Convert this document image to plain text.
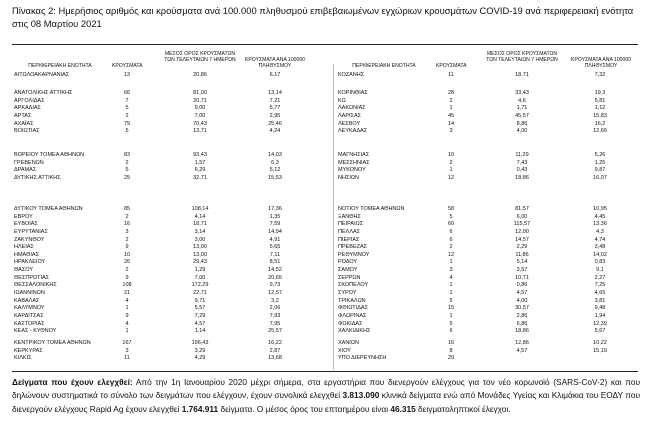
Πίνακας 2: Ημερήσιος αριθμός και κρούσματα ανά 100.000 πληθυσμού επιβεβαιωμένων εγχώριων κρουσμάτων COVID-19 ανά περιφερειακή ενότητα στις 08 Μαρτίου 2021
ΠΕΡΙΦΕΡΕΙΑΚΗ ΕΝΟΤΗΤΑ	ΚΡΟΥΣΜΑΤΑ
ΜΕΣΟΣ ΟΡΟΣ ΚΡΟΥΣΜΑΤΩΝ ΤΩΝ ΤΕΛΕΥΤΑΙΩΝ 7 ΗΜΕΡΩΝ	ΚΡΟΥΣΜΑΤΑ ΑΝΑ 100000 ΠΛΗΘΥΣΜΟΥ
ΑΙΤΩΛΟΑΚΑΡΝΑΝΙΑΣ	13	20,86	6,17
ΑΝΑΤΟΛΙΚΗΣ ΑΤΤΙΚΗΣ	66	81,00	13,14
ΑΡΓΟΛΙΔΑΣ	7	20,71	7,21
ΑΡΚΑΔΙΑΣ	5	9,00	5,77
ΑΡΤΑΣ	2	7,00	2,95
ΑΧΑΪΑΣ	79	70,43	25,46
ΒΟΙΩΤΙΑΣ	5	13,71	4,24
ΒΟΡΕΙΟΥ ΤΟΜΕΑ ΑΘΗΝΩΝ	83	93,43	14,03
ΓΡΕΒΕΝΩΝ	2	1,57	6,3
ΔΡΑΜΑΣ	5	6,29	5,12
ΔΥΤΙΚΗΣ ΑΤΤΙΚΗΣ	25	32,71	15,53
ΔΥΤΙΚΟΥ ΤΟΜΕΑ ΑΘΗΝΩΝ	85	108,14	17,36
ΕΒΡΟΥ	2	4,14	1,35
ΕΥΒΟΙΑΣ	16	18,71	7,59
ΕΥΡΥΤΑΝΙΑΣ	3	3,14	14,94
ΖΑΚΥΝΘΟΥ	2	3,00	4,91
ΗΛΕΙΑΣ	9	13,00	5,65
ΗΜΑΘΙΑΣ	10	13,00	7,11
ΗΡΑΚΛΕΙΟΥ	26	29,43	8,51
ΘΑΣΟΥ	2	1,29	14,52
ΘΕΣΠΡΩΤΙΑΣ	9	7,00	20,65
ΘΕΣΣΑΛΟΝΙΚΗΣ	108	172,29	9,73
ΙΩΑΝΝΙΝΩΝ	21	22,71	12,57
ΚΑΒΑΛΑΣ	4	9,71	3,2
ΚΑΛΥΜΝΟΥ	1	5,57	2,06
ΚΑΡΔΙΤΣΑΣ	9	7,29	7,93
ΚΑΣΤΟΡΙΑΣ	4	4,57	7,95
ΚΕΑΣ - ΚΥΘΝΟΥ	1	1,14	25,57
ΚΕΝΤΡΙΚΟΥ ΤΟΜΕΑ ΑΘΗΝΩΝ	167	196,43	16,22
ΚΕΡΚΥΡΑΣ	3	3,29	2,87
ΚΙΛΚΙΣ	11	4,29	13,68
ΠΕΡΙΦΕΡΕΙΑΚΗ ΕΝΟΤΗΤΑ	ΚΡΟΥΣΜΑΤΑ
ΜΕΣΟΣ ΟΡΟΣ ΚΡΟΥΣΜΑΤΩΝ ΤΩΝ ΤΕΛΕΥΤΑΙΩΝ 7 ΗΜΕΡΩΝ	ΚΡΟΥΣΜΑΤΑ ΑΝΑ 100000 ΠΛΗΘΥΣΜΟΥ
ΚΟΖΑΝΗΣ	11	18,71	7,32
ΚΟΡΙΝΘΙΑΣ	28	33,43	19,3
ΚΩ	2	4,6	5,81
ΛΑΚΩΝΙΑΣ	1	1,71	1,12
ΛΑΡΙΣΑΣ	45	45,57	15,83
ΛΕΣΒΟΥ	14	8,86	16,2
ΛΕΥΚΑΔΑΣ	3	4,00	12,66
ΜΑΓΝΗΣΙΑΣ	10	11,29	5,26
ΜΕΣΣΗΝΙΑΣ	2	7,43	1,25
ΜΥΚΟΝΟΥ	1	0,43	9,87
ΝΗΣΙΩΝ	12	18,86	16,07
ΝΟΤΙΟΥ ΤΟΜΕΑ ΑΘΗΝΩΝ	58	81,57	10,95
ΞΑΝΘΗΣ	5	6,00	4,45
ΠΕΙΡΑΙΩΣ	60	115,57	13,36
ΠΕΛΛΑΣ	6	12,00	4,3
ΠΙΕΡΙΑΣ	6	14,57	4,74
ΠΡΕΒΕΖΑΣ	2	2,29	3,48
ΡΕΘΥΜΝΟΥ	12	11,86	14,02
ΡΟΔΟΥ	1	5,14	0,83
ΣΑΜΟΥ	3	3,57	9,1
ΣΕΡΡΩΝ	4	10,71	2,27
ΣΚΟΠΕΛΟΥ	1	0,86	7,25
ΣΥΡΟΥ	1	4,57	4,65
ΤΡΙΚΑΛΩΝ	5	4,00	3,81
ΦΘΙΩΤΙΔΑΣ	15	30,57	9,48
ΦΛΩΡΙΝΑΣ	1	2,86	1,94
ΦΩΚΙΔΑΣ	5	6,86	12,39
ΧΑΛΚΙΔΙΚΗΣ	6	18,86	5,67
ΧΑΝΙΩΝ	16	12,86	10,22
ΧΙΟΥ	8	4,57	15,19
ΥΠΟ ΔΙΕΡΕΥΝΗΣΗ	29
Δείγματα που έχουν ελεγχθεί: Από την 1η Ιανουαρίου 2020 μέχρι σήμερα, στα εργαστήρια που διενεργούν ελέγχους για τον νέο κορωνοϊό (SARS-CoV-2) και που δηλώνουν συστηματικά το σύνολο των δειγμάτων που ελέγχουν, έχουν συνολικά ελεγχθεί 3.813.090 κλινικά δείγματα ενώ από Μονάδες Υγείας και Κλιμάκια του ΕΟΔΥ που διενεργούν ελέγχους Rapid Ag έχουν ελεγχθεί 1.764.911 δείγματα. Ο μέσος όρος του επταημέρου είναι 46.315 δειγματοληπτικοί έλεγχοι.
